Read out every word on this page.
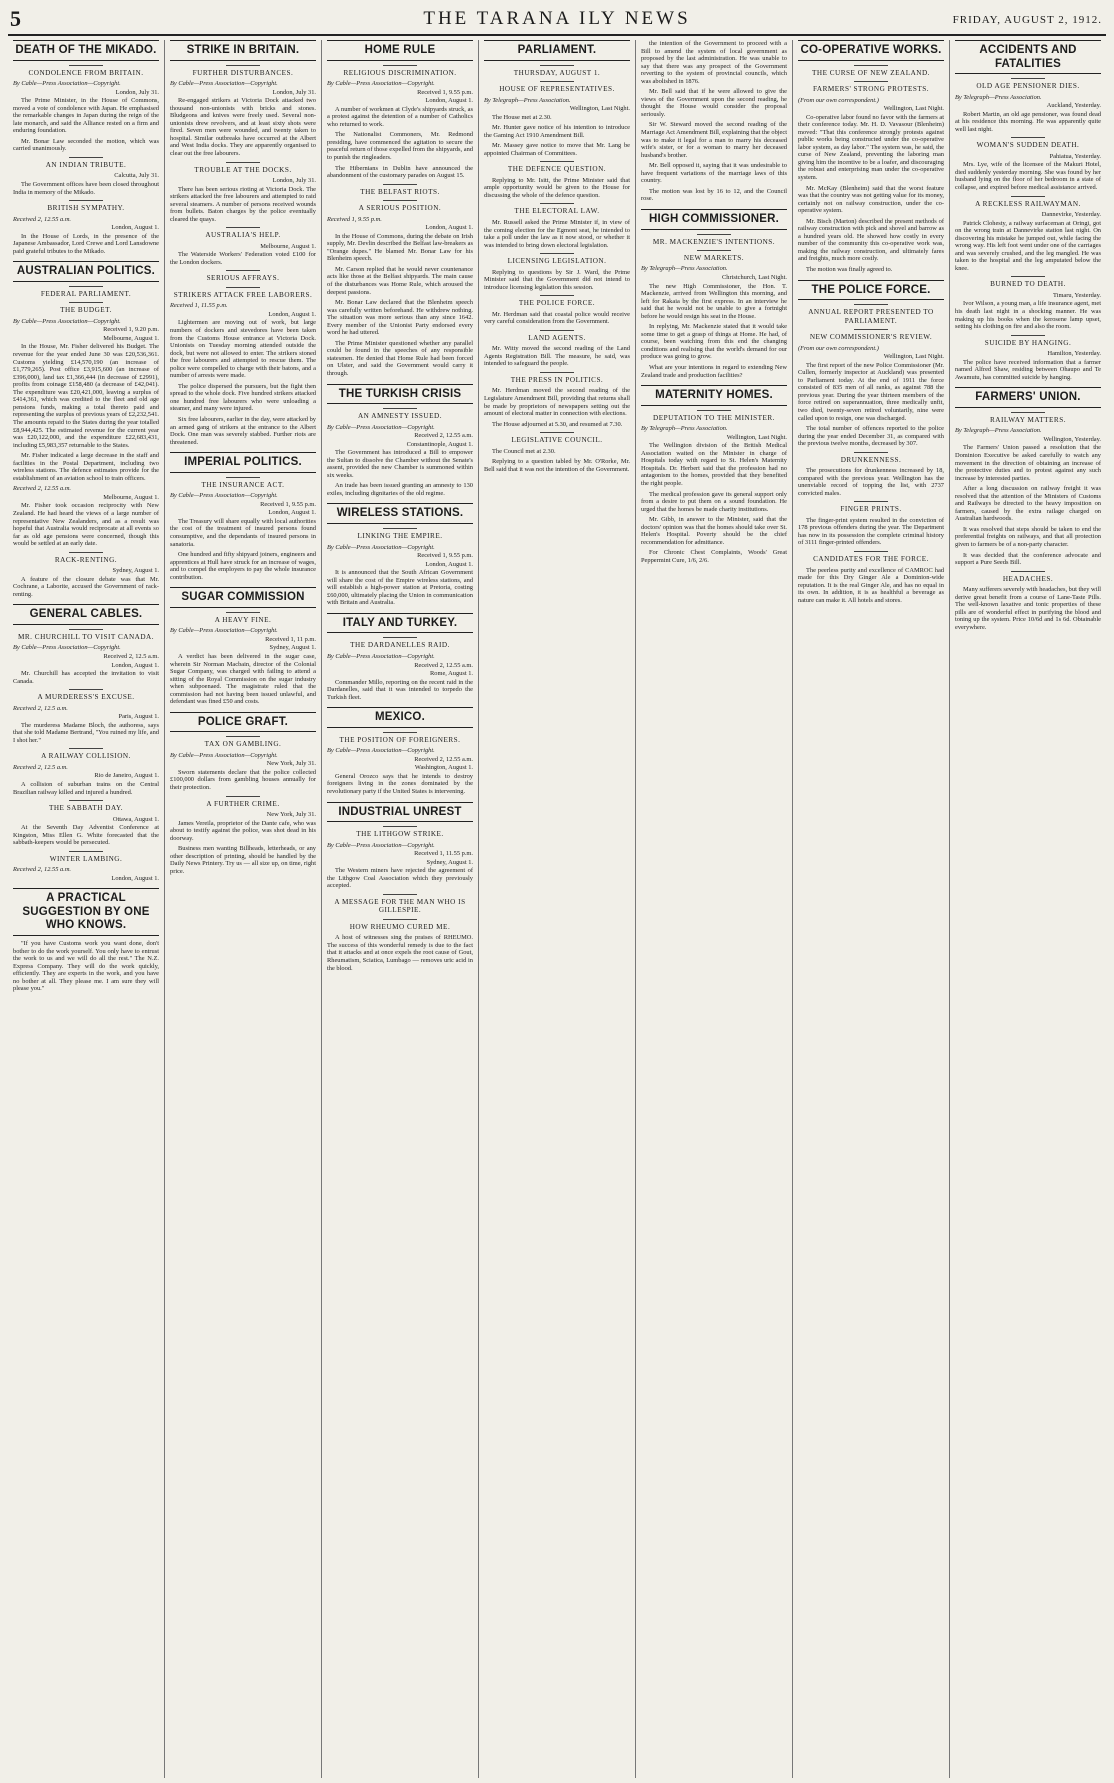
5	THE TARANA ILY NEWS	FRIDAY, AUGUST 2, 1912.
DEATH OF THE MIKADO.
CONDOLENCE FROM BRITAIN.
By Cable—Press Association—Copyright.
London, July 31.

The Prime Minister, in the House of Commons, moved a vote of condolence with Japan. He emphasised the remarkable changes in Japan during the reign of the late monarch, and said the Alliance rested on a firm and enduring foundation.

Mr. Bonar Law seconded the motion, which was carried unanimously.

AN INDIAN TRIBUTE.
Calcutta, July 31.

The Government offices have been closed throughout India in memory of the Mikado.

BRITISH SYMPATHY.
Received 2, 12.55 a.m.
London, August 1.

In the House of Lords, in the presence of the Japanese Ambassador, Lord Crewe and Lord Lansdowne paid grateful tributes to the Mikado.

AUSTRALIAN POLITICS.
FEDERAL PARLIAMENT.
THE BUDGET.
By Cable—Press Association—Copyright.
Received 1, 9.20 p.m.
Melbourne, August 1.

In the House, Mr. Fisher delivered his Budget. The revenue for the year ended June 30 was £20,536,361. Customs yielding £14,570,190 (an increase of £1,779,265). Post office £3,915,600 (an increase of £396,000), land tax £1,366,444 (in decrease of £2991), profits from coinage £158,480 (a decrease of £42,041). The expenditure was £20,421,000, leaving a surplus of £414,361, which was credited to the fleet and old age pensions funds, making a total thereto paid and representing the surplus of previous years of £2,232,541. The amounts repaid to the States during the year totalled £8,944,425. The estimated revenue for the current year was £20,122,000, and the expenditure £22,683,431, including £5,983,357 returnable to the States.

Mr. Fisher indicated a large decrease in the staff and facilities in the Postal Department, including two wireless stations. The defence estimates provide for the establishment of an aviation school to train officers.

Received 2, 12.55 a.m.
Melbourne, August 1.

Mr. Fisher took occasion reciprocity with New Zealand. He had heard the views of a large number of representative New Zealanders, and as a result was hopeful that Australia would reciprocate at all events so far as old age pensions were concerned, though this would be settled at an early date.

RACK-RENTING.
Sydney, August 1.

A feature of the closure debate was that Mr. Cochrane, a Laborite, accused the Government of rack-renting.

GENERAL CABLES.
MR. CHURCHILL TO VISIT CANADA.
By Cable—Press Association—Copyright.
Received 2, 12.5 a.m.
London, August 1.

Mr. Churchill has accepted the invitation to visit Canada.

A MURDERESS'S EXCUSE.
Received 2, 12.5 a.m.
Paris, August 1.

The murderess Madame Bloch, the authoress, says that she told Madame Bertrand, "You ruined my life, and I shot her."

A RAILWAY COLLISION.
Received 2, 12.5 a.m.
Rio de Janeiro, August 1.

A collision of suburban trains on the Central Brazilian railway killed and injured a hundred.

THE SABBATH DAY.
Ottawa, August 1.

At the Seventh Day Adventist Conference at Kingston, Miss Ellen G. White forecasted that the sabbath-keepers would be persecuted.

WINTER LAMBING.
Received 2, 12.55 a.m.
London, August 1.
A PRACTICAL SUGGESTION BY ONE WHO KNOWS.

"If you have Customs work you want done, don't bother to do the work yourself. You only have to entrust the work to us and we will do all the rest." The N.Z. Express Company. They will do the work quickly, efficiently. They are experts in the work, and you have no bother at all. They please me. I am sure they will please you."

STRIKE IN BRITAIN.
FURTHER DISTURBANCES.
By Cable—Press Association—Copyright.
London, July 31.

Re-engaged strikers at Victoria Dock attacked two thousand non-unionists with bricks and stones. Bludgeons and knives were freely used. Several non-unionists drew revolvers, and at least sixty shots were fired. Seven men were wounded, and twenty taken to hospital. Similar outbreaks have occurred at the Albert and West India docks. They are apparently organised to clear out the free labourers.

TROUBLE AT THE DOCKS.
London, July 31.

There has been serious rioting at Victoria Dock. The strikers attacked the free labourers and attempted to raid several steamers. A number of persons received wounds from bullets. Baton charges by the police eventually cleared the quays.

AUSTRALIA'S HELP.
Melbourne, August 1.

The Waterside Workers' Federation voted £100 for the London dockers.

SERIOUS AFFRAYS.
STRIKERS ATTACK FREE LABORERS.
Received 1, 11.55 p.m.
London, August 1.

Lightermen are moving out of work, but large numbers of dockers and stevedores have been taken from the Customs House entrance at Victoria Dock. Unionists on Tuesday morning attended outside the dock, but were not allowed to enter. The strikers stoned the free labourers and attempted to rescue them. The police were compelled to charge with their batons, and a number of arrests were made.

The police dispersed the pursuers, but the fight then spread to the whole dock. Five hundred strikers attacked one hundred free labourers who were unloading a steamer, and many were injured.

Six free labourers, earlier in the day, were attacked by an armed gang of strikers at the entrance to the Albert Dock. One man was severely stabbed. Further riots are threatened.

IMPERIAL POLITICS.
THE INSURANCE ACT.
By Cable—Press Association—Copyright.
Received 1, 9.55 p.m.
London, August 1.

The Treasury will share equally with local authorities the cost of the treatment of insured persons found consumptive, and the dependants of insured persons in sanatoria.

One hundred and fifty shipyard joiners, engineers and apprentices at Hull have struck for an increase of wages, and to compel the employers to pay the whole insurance contribution.

SUGAR COMMISSION
A HEAVY FINE.
By Cable—Press Association—Copyright.
Received 1, 11 p.m.
Sydney, August 1.

A verdict has been delivered in the sugar case, wherein Sir Norman Macbain, director of the Colonial Sugar Company, was charged with failing to attend a sitting of the Royal Commission on the sugar industry when subpoenaed. The magistrate ruled that the commission had not having been issued unlawful, and defendant was fined £50 and costs.

POLICE GRAFT.
TAX ON GAMBLING.
By Cable—Press Association—Copyright.
New York, July 31.

Sworn statements declare that the police collected £100,000 dollars from gambling houses annually for their protection.

A FURTHER CRIME.
New York, July 31.

James Vereila, proprietor of the Dante cafe, who was about to testify against the police, was shot dead in his doorway.

Business men wanting Billheads, letterheads, or any other description of printing, should be handled by the Daily News Printery. Try us — all size up, on time, right price.

HOME RULE
RELIGIOUS DISCRIMINATION.
By Cable—Press Association—Copyright.
Received 1, 9.55 p.m.
London, August 1.

A number of workmen at Clyde's shipyards struck, as a protest against the detention of a number of Catholics who returned to work.

The Nationalist Commoners, Mr. Redmond presiding, have commenced the agitation to secure the peaceful return of those expelled from the shipyards, and to punish the ringleaders.

The Hibernians in Dublin have announced the abandonment of the customary parades on August 15.

THE BELFAST RIOTS.
A SERIOUS POSITION.
Received 1, 9.55 p.m.
London, August 1.

In the House of Commons, during the debate on Irish supply, Mr. Devlin described the Belfast law-breakers as "Orange dupes." He blamed Mr. Bonar Law for his Blenheim speech.

Mr. Carson replied that he would never countenance acts like those at the Belfast shipyards. The main cause of the disturbances was Home Rule, which aroused the deepest passions.

Mr. Bonar Law declared that the Blenheim speech was carefully written beforehand. He withdrew nothing. The situation was more serious than any since 1642. Every member of the Unionist Party endorsed every word he had uttered.

The Prime Minister questioned whether any parallel could be found in the speeches of any responsible statesmen. He denied that Home Rule had been forced on Ulster, and said the Government would carry it through.

THE TURKISH CRISIS
AN AMNESTY ISSUED.
By Cable—Press Association—Copyright.
Received 2, 12.55 a.m.
Constantinople, August 1.

The Government has introduced a Bill to empower the Sultan to dissolve the Chamber without the Senate's assent, provided the new Chamber is summoned within six weeks.

An irade has been issued granting an amnesty to 130 exiles, including dignitaries of the old regime.

WIRELESS STATIONS.
LINKING THE EMPIRE.
By Cable—Press Association—Copyright.
Received 1, 9.55 p.m.
London, August 1.

It is announced that the South African Government will share the cost of the Empire wireless stations, and will establish a high-power station at Pretoria, costing £60,000, ultimately placing the Union in communication with Britain and Australia.

ITALY AND TURKEY.
THE DARDANELLES RAID.
By Cable—Press Association—Copyright.
Received 2, 12.55 a.m.
Rome, August 1.

Commander Millo, reporting on the recent raid in the Dardanelles, said that it was intended to torpedo the Turkish fleet.

MEXICO.
THE POSITION OF FOREIGNERS.
By Cable—Press Association—Copyright.
Received 2, 12.55 a.m.
Washington, August 1.

General Orozco says that he intends to destroy foreigners living in the zones dominated by the revolutionary party if the United States is intervening.

INDUSTRIAL UNREST
THE LITHGOW STRIKE.
By Cable—Press Association—Copyright.
Received 1, 11.55 p.m.
Sydney, August 1.

The Western miners have rejected the agreement of the Lithgow Coal Association which they previously accepted.

A MESSAGE FOR THE MAN WHO IS GILLESPIE.
HOW RHEUMO CURED ME.

A host of witnesses sing the praises of RHEUMO. The success of this wonderful remedy is due to the fact that it attacks and at once expels the root cause of Gout, Rheumatism, Sciatica, Lumbago — removes uric acid in the blood.

PARLIAMENT.
THURSDAY, AUGUST 1.
HOUSE OF REPRESENTATIVES.
By Telegraph—Press Association.
Wellington, Last Night.

The House met at 2.30.

Mr. Hunter gave notice of his intention to introduce the Gaming Act 1910 Amendment Bill.

Mr. Massey gave notice to move that Mr. Lang be appointed Chairman of Committees.

THE DEFENCE QUESTION.

Replying to Mr. Isitt, the Prime Minister said that ample opportunity would be given to the House for discussing the whole of the defence question.

THE ELECTORAL LAW.

Mr. Russell asked the Prime Minister if, in view of the coming election for the Egmont seat, he intended to take a poll under the law as it now stood, or whether it was intended to bring down electoral legislation.

LICENSING LEGISLATION.

Replying to questions by Sir J. Ward, the Prime Minister said that the Government did not intend to introduce licensing legislation this session.

THE POLICE FORCE.

Mr. Herdman said that coastal police would receive very careful consideration from the Government.

LAND AGENTS.

Mr. Witty moved the second reading of the Land Agents Registration Bill. The measure, he said, was intended to safeguard the people.

THE PRESS IN POLITICS.

Mr. Herdman moved the second reading of the Legislature Amendment Bill, providing that returns shall be made by proprietors of newspapers setting out the amount of electoral matter in connection with elections.

The House adjourned at 5.30, and resumed at 7.30.

LEGISLATIVE COUNCIL.

The Council met at 2.30.

Replying to a question tabled by Mr. O'Rorke, Mr. Bell said that it was not the intention of the Government.

the intention of the Government to proceed with a Bill to amend the system of local government as proposed by the last administration. He was unable to say that there was any prospect of the Government reverting to the system of provincial councils, which was abolished in 1876.

Mr. Bell said that if he were allowed to give the views of the Government upon the second reading, he thought the House would consider the proposal seriously.

Sir W. Steward moved the second reading of the Marriage Act Amendment Bill, explaining that the object was to make it legal for a man to marry his deceased wife's sister, or for a woman to marry her deceased husband's brother.

Mr. Bell opposed it, saying that it was undesirable to have frequent variations of the marriage laws of this country.

The motion was lost by 16 to 12, and the Council rose.

HIGH COMMISSIONER.
MR. MACKENZIE'S INTENTIONS.
NEW MARKETS.
By Telegraph—Press Association.
Christchurch, Last Night.

The new High Commissioner, the Hon. T. Mackenzie, arrived from Wellington this morning, and left for Rakaia by the first express. In an interview he said that he would not be unable to give a fortnight before he would resign his seat in the House.

In replying, Mr. Mackenzie stated that it would take some time to get a grasp of things at Home. He had, of course, been watching from this end the changing conditions and realising that the world's demand for our produce was going to grow.

What are your intentions in regard to extending New Zealand trade and production facilities?

MATERNITY HOMES.
DEPUTATION TO THE MINISTER.
By Telegraph—Press Association.
Wellington, Last Night.

The Wellington division of the British Medical Association waited on the Minister in charge of Hospitals today with regard to St. Helen's Maternity Hospitals. Dr. Herbert said that the profession had no antagonism to the homes, provided that they benefited the right people.

The medical profession gave its general support only from a desire to put them on a sound foundation. He urged that the homes be made charity institutions.

Mr. Gibb, in answer to the Minister, said that the doctors' opinion was that the homes should take over St. Helen's Hospital. Poverty should be the chief recommendation for admittance.

For Chronic Chest Complaints, Woods' Great Peppermint Cure, 1/6, 2/6.

CO-OPERATIVE WORKS.
THE CURSE OF NEW ZEALAND.
FARMERS' STRONG PROTESTS.
(From our own correspondent.)
Wellington, Last Night.

Co-operative labor found no favor with the farmers at their conference today. Mr. H. D. Vavasour (Blenheim) moved: "That this conference strongly protests against public works being constructed under the co-operative labor system, as day labor." The system was, he said, the curse of New Zealand, preventing the laboring man giving him the incentive to be a loafer, and discouraging the robust and enterprising man under the co-operative system.

Mr. McKay (Blenheim) said that the worst feature was that the country was not getting value for its money, certainly not on railway construction, under the co-operative system.

Mr. Bisch (Marton) described the present methods of railway construction with pick and shovel and barrow as a hundred years old. He showed how costly in every number of the community this co-operative work was, making the railway construction, and ultimately fares and freights, much more costly.

The motion was finally agreed to.

THE POLICE FORCE.
ANNUAL REPORT PRESENTED TO PARLIAMENT.
NEW COMMISSIONER'S REVIEW.
(From our own correspondent.)
Wellington, Last Night.

The first report of the new Police Commissioner (Mr. Cullen, formerly inspector at Auckland) was presented to Parliament today. At the end of 1911 the force consisted of 835 men of all ranks, as against 788 the previous year. During the year thirteen members of the force retired on superannuation, three medically unfit, two died, twenty-seven retired voluntarily, nine were called upon to resign, one was discharged.

The total number of offences reported to the police during the year ended December 31, as compared with the previous twelve months, decreased by 307.

DRUNKENNESS.

The prosecutions for drunkenness increased by 18, compared with the previous year. Wellington has the unenviable record of topping the list, with 2737 convicted males.

FINGER PRINTS.

The finger-print system resulted in the conviction of 178 previous offenders during the year. The Department has now in its possession the complete criminal history of 3111 finger-printed offenders.

CANDIDATES FOR THE FORCE.

The peerless purity and excellence of CAMROC had made for this Dry Ginger Ale a Dominion-wide reputation. It is the real Ginger Ale, and has no equal in its own. In addition, it is as healthful a beverage as nature can make it. All hotels and stores.

ACCIDENTS AND FATALITIES
OLD AGE PENSIONER DIES.
By Telegraph—Press Association.
Auckland, Yesterday.

Robert Martin, an old age pensioner, was found dead at his residence this morning. He was apparently quite well last night.

WOMAN'S SUDDEN DEATH.
Pahiatua, Yesterday.

Mrs. Lye, wife of the licensee of the Makuri Hotel, died suddenly yesterday morning. She was found by her husband lying on the floor of her bedroom in a state of collapse, and expired before medical assistance arrived.

A RECKLESS RAILWAYMAN.
Dannevirke, Yesterday.

Patrick Clohesty, a railway surfaceman at Oringi, got on the wrong train at Dannevirke station last night. On discovering his mistake he jumped out, while facing the wrong way. His left foot went under one of the carriages and was severely crushed, and the leg mangled. He was taken to the hospital and the leg amputated below the knee.

BURNED TO DEATH.
Timaru, Yesterday.

Ivor Wilson, a young man, a life insurance agent, met his death last night in a shocking manner. He was making up his books when the kerosene lamp upset, setting his clothing on fire and also the room.

SUICIDE BY HANGING.
Hamilton, Yesterday.

The police have received information that a farmer named Alfred Shaw, residing between Ohaupo and Te Awamutu, has committed suicide by hanging.

FARMERS' UNION.
RAILWAY MATTERS.
By Telegraph—Press Association.
Wellington, Yesterday.

The Farmers' Union passed a resolution that the Dominion Executive be asked carefully to watch any movement in the direction of obtaining an increase of the protective duties and to protest against any such increase by interested parties.

After a long discussion on railway freight it was resolved that the attention of the Ministers of Customs and Railways be directed to the heavy imposition on farmers, caused by the extra railage charged on Australian hardwoods.

It was resolved that steps should be taken to end the preferential freights on railways, and that all protection given to farmers be of a non-party character.

It was decided that the conference advocate and support a Pure Seeds Bill.

HEADACHES.

Many sufferers severely with headaches, but they will derive great benefit from a course of Lane-Taste Pills. The well-known laxative and tonic properties of these pills are of wonderful effect in purifying the blood and toning up the system. Price 10/6d and 1s 6d. Obtainable everywhere.
